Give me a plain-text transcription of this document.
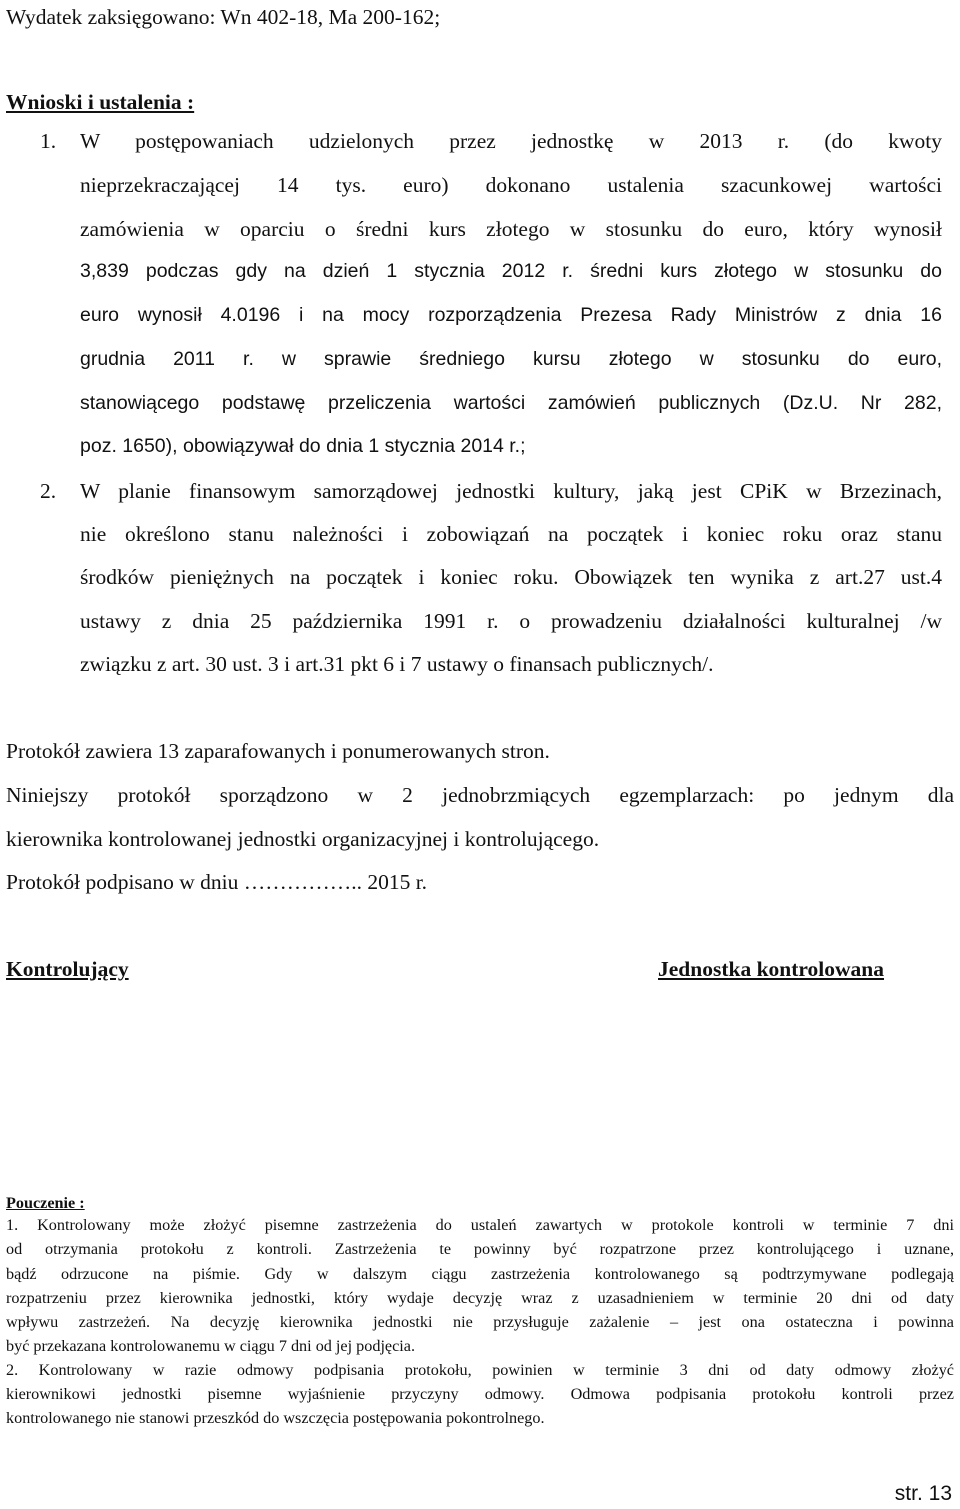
Wydatek zaksięgowano: Wn 402-18, Ma 200-162;
Wnioski i ustalenia :
1. W postępowaniach udzielonych przez jednostkę w 2013 r. (do kwoty
nieprzekraczającej 14 tys. euro) dokonano ustalenia szacunkowej wartości
zamówienia w oparciu o średni kurs złotego w stosunku do euro, który wynosił
3,839 podczas gdy na dzień 1 stycznia 2012 r. średni kurs złotego w stosunku do
euro wynosił 4.0196 i na mocy rozporządzenia Prezesa Rady Ministrów z dnia 16
grudnia 2011 r. w sprawie średniego kursu złotego w stosunku do euro,
stanowiącego podstawę przeliczenia wartości zamówień publicznych (Dz.U. Nr 282,
poz. 1650), obowiązywał do dnia 1 stycznia 2014 r.;
2. W planie finansowym samorządowej jednostki kultury, jaką jest CPiK w Brzezinach,
nie określono stanu należności i zobowiązań na początek i koniec roku oraz stanu
środków pieniężnych na początek i koniec roku. Obowiązek ten wynika z art.27 ust.4
ustawy z dnia 25 października 1991 r. o prowadzeniu działalności kulturalnej /w
związku z art. 30 ust. 3 i art.31 pkt 6 i 7 ustawy o finansach publicznych/.
Protokół zawiera 13 zaparafowanych i ponumerowanych stron.
Niniejszy protokół sporządzono w 2 jednobrzmiących egzemplarzach: po jednym dla
kierownika kontrolowanej jednostki organizacyjnej i kontrolującego.
Protokół podpisano w dniu …………….. 2015 r.
Kontrolujący	Jednostka kontrolowana
Pouczenie :
1. Kontrolowany może złożyć pisemne zastrzeżenia do ustaleń zawartych w protokole kontroli w terminie 7 dni
od otrzymania protokołu z kontroli. Zastrzeżenia te powinny być rozpatrzone przez kontrolującego i uznane,
bądź odrzucone na piśmie. Gdy w dalszym ciągu zastrzeżenia kontrolowanego są podtrzymywane podlegają
rozpatrzeniu przez kierownika jednostki, który wydaje decyzję wraz z uzasadnieniem w terminie 20 dni od daty
wpływu zastrzeżeń. Na decyzję kierownika jednostki nie przysługuje zażalenie – jest ona ostateczna i powinna
być przekazana kontrolowanemu w ciągu 7 dni od jej podjęcia.
2. Kontrolowany w razie odmowy podpisania protokołu, powinien w terminie 3 dni od daty odmowy złożyć
kierownikowi jednostki pisemne wyjaśnienie przyczyny odmowy. Odmowa podpisania protokołu kontroli przez
kontrolowanego nie stanowi przeszkód do wszczęcia postępowania pokontrolnego.
str. 13
